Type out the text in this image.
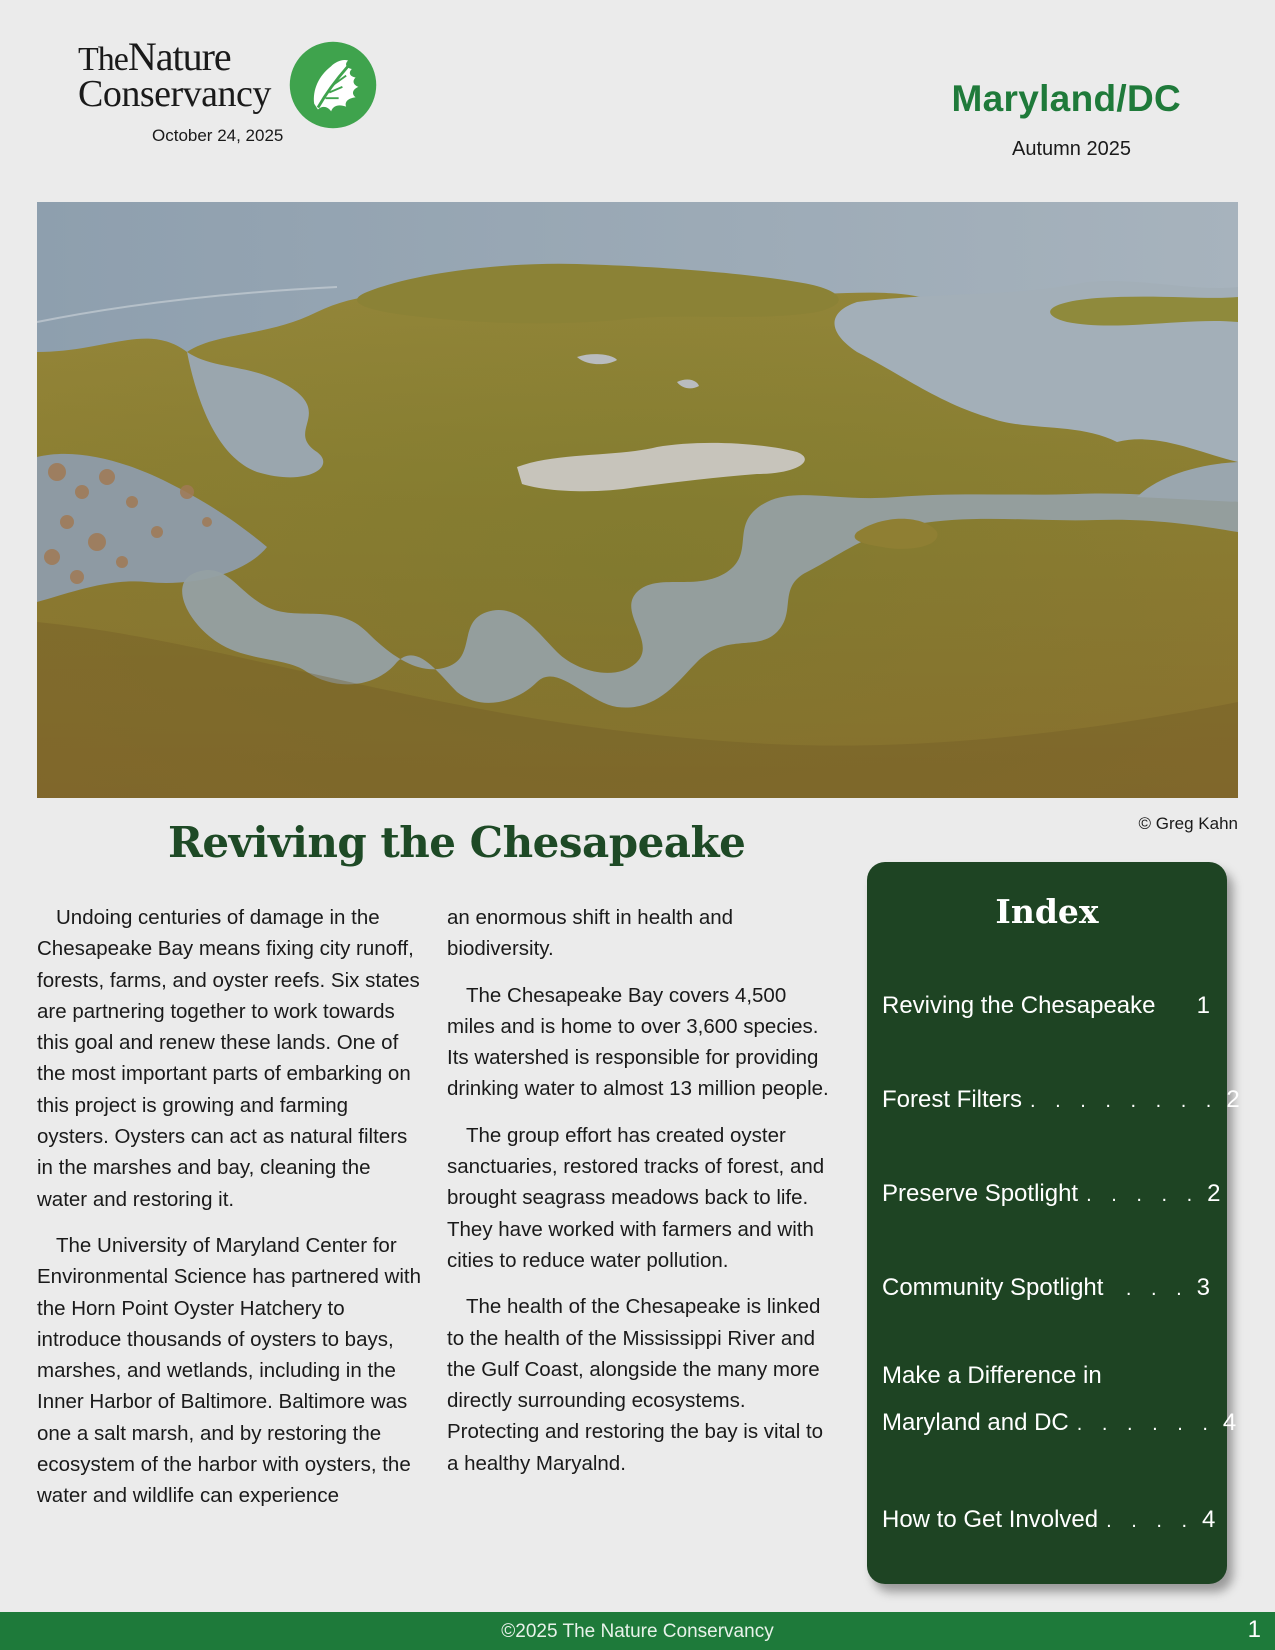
TheNature
Conservancy
October 24, 2025
Maryland/DC
Autumn 2025
© Greg Kahn
Reviving the Chesapeake

Undoing centuries of damage in the Chesapeake Bay means fixing city runoff, forests, farms, and oyster reefs. Six states are partnering together to work towards this goal and renew these lands. One of the most important parts of embarking on this project is growing and farming oysters. Oysters can act as natural filters in the marshes and bay, cleaning the water and restoring it.

The University of Maryland Center for Environmental Science has partnered with the Horn Point Oyster Hatchery to introduce thousands of oysters to bays, marshes, and wetlands, including in the Inner Harbor of Baltimore. Baltimore was one a salt marsh, and by restoring the ecosystem of the harbor with oysters, the water and wildlife can experience

an enormous shift in health and biodiversity.

The Chesapeake Bay covers 4,500 miles and is home to over 3,600 species. Its watershed is responsible for providing drinking water to almost 13 million people.

The group effort has created oyster sanctuaries, restored tracks of forest, and brought seagrass meadows back to life. They have worked with farmers and with cities to reduce water pollution.

The health of the Chesapeake is linked to the health of the Mississippi River and the Gulf Coast, alongside the many more directly surrounding ecosystems. Protecting and restoring the bay is vital to a healthy Maryalnd.

Index
Reviving the Chesapeake	1
Forest Filters . . . . . . . . 2
Preserve Spotlight . . . . . 2
Community Spotlight	. . . 3
Make a Difference in
Maryland and DC . . . . . . 4
How to Get Involved . . . . 4
©2025 The Nature Conservancy	1
